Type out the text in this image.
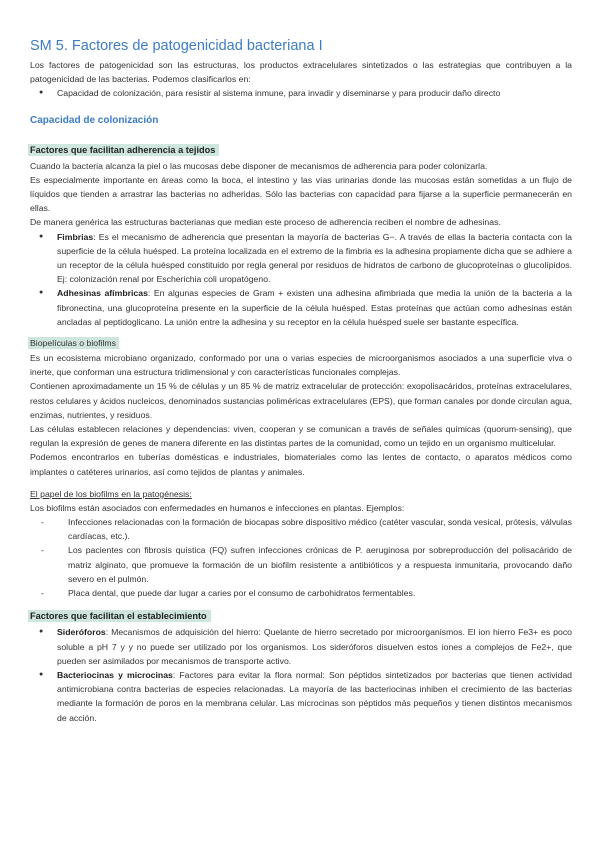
SM 5. Factores de patogenicidad bacteriana I

Los factores de patogenicidad son las estructuras, los productos extracelulares sintetizados o las estrategias que contribuyen a la patogenicidad de las bacterias. Podemos clasificarlos en:

● Capacidad de colonización, para resistir al sistema inmune, para invadir y diseminarse y para producir daño directo
Capacidad de colonización
Factores que facilitan adherencia a tejidos

Cuando la bacteria alcanza la piel o las mucosas debe disponer de mecanismos de adherencia para poder colonizarla.

Es especialmente importante en áreas como la boca, el intestino y las vías urinarias donde las mucosas están sometidas a un flujo de líquidos que tienden a arrastrar las bacterias no adheridas. Sólo las bacterias con capacidad para fijarse a la superficie permanecerán en ellas.

De manera genérica las estructuras bacterianas que median este proceso de adherencia reciben el nombre de adhesinas.

● Fimbrias: Es el mecanismo de adherencia que presentan la mayoría de bacterias G−. A través de ellas la bacteria contacta con la superficie de la célula huésped. La proteína localizada en el extremo de la fimbria es la adhesina propiamente dicha que se adhiere a un receptor de la célula huésped constituido por regla general por residuos de hidratos de carbono de glucoproteínas o glucolípidos. Ej: colonización renal por Escherichia coli uropatógeno.
● Adhesinas afímbricas: En algunas especies de Gram + existen una adhesina afimbriada que media la unión de la bacteria a la fibronectina, una glucoproteína presente en la superficie de la célula huésped. Estas proteínas que actúan como adhesinas están ancladas al peptidoglicano. La unión entre la adhesina y su receptor en la célula huésped suele ser bastante específica.
Biopelículas o biofilms

Es un ecosistema microbiano organizado, conformado por una o varias especies de microorganismos asociados a una superficie viva o inerte, que conforman una estructura tridimensional y con características funcionales complejas.

Contienen aproximadamente un 15 % de células y un 85 % de matriz extracelular de protección: exopolisacáridos, proteínas extracelulares, restos celulares y ácidos nucleicos, denominados sustancias poliméricas extracelulares (EPS), que forman canales por donde circulan agua, enzimas, nutrientes, y residuos.

Las células establecen relaciones y dependencias: viven, cooperan y se comunican a través de señales químicas (quorum-sensing), que regulan la expresión de genes de manera diferente en las distintas partes de la comunidad, como un tejido en un organismo multicelular.

Podemos encontrarlos en tuberías domésticas e industriales, biomateriales como las lentes de contacto, o aparatos médicos como implantes o catéteres urinarios, así como tejidos de plantas y animales.

El papel de los biofilms en la patogénesis:

Los biofilms están asociados con enfermedades en humanos e infecciones en plantas. Ejemplos:

- Infecciones relacionadas con la formación de biocapas sobre dispositivo médico (catéter vascular, sonda vesical, prótesis, válvulas cardíacas, etc.).
- Los pacientes con fibrosis quística (FQ) sufren infecciones crónicas de P. aeruginosa por sobreproducción del polisacárido de matriz alginato, que promueve la formación de un biofilm resistente a antibióticos y a respuesta inmunitaria, provocando daño severo en el pulmón.
- Placa dental, que puede dar lugar a caries por el consumo de carbohidratos fermentables.
Factores que facilitan el establecimiento
● Sideróforos: Mecanismos de adquisición del hierro: Quelante de hierro secretado por microorganismos. El ion hierro Fe3+ es poco soluble a pH 7 y y no puede ser utilizado por los organismos. Los sideróforos disuelven estos iones a complejos de Fe2+, que pueden ser asimilados por mecanismos de transporte activo.
● Bacteriocinas y microcinas: Factores para evitar la flora normal: Son péptidos sintetizados por bacterias que tienen actividad antimicrobiana contra bacterias de especies relacionadas. La mayoría de las bacteriocinas inhiben el crecimiento de las bacterias mediante la formación de poros en la membrana celular. Las microcinas son péptidos más pequeños y tienen distintos mecanismos de acción.
